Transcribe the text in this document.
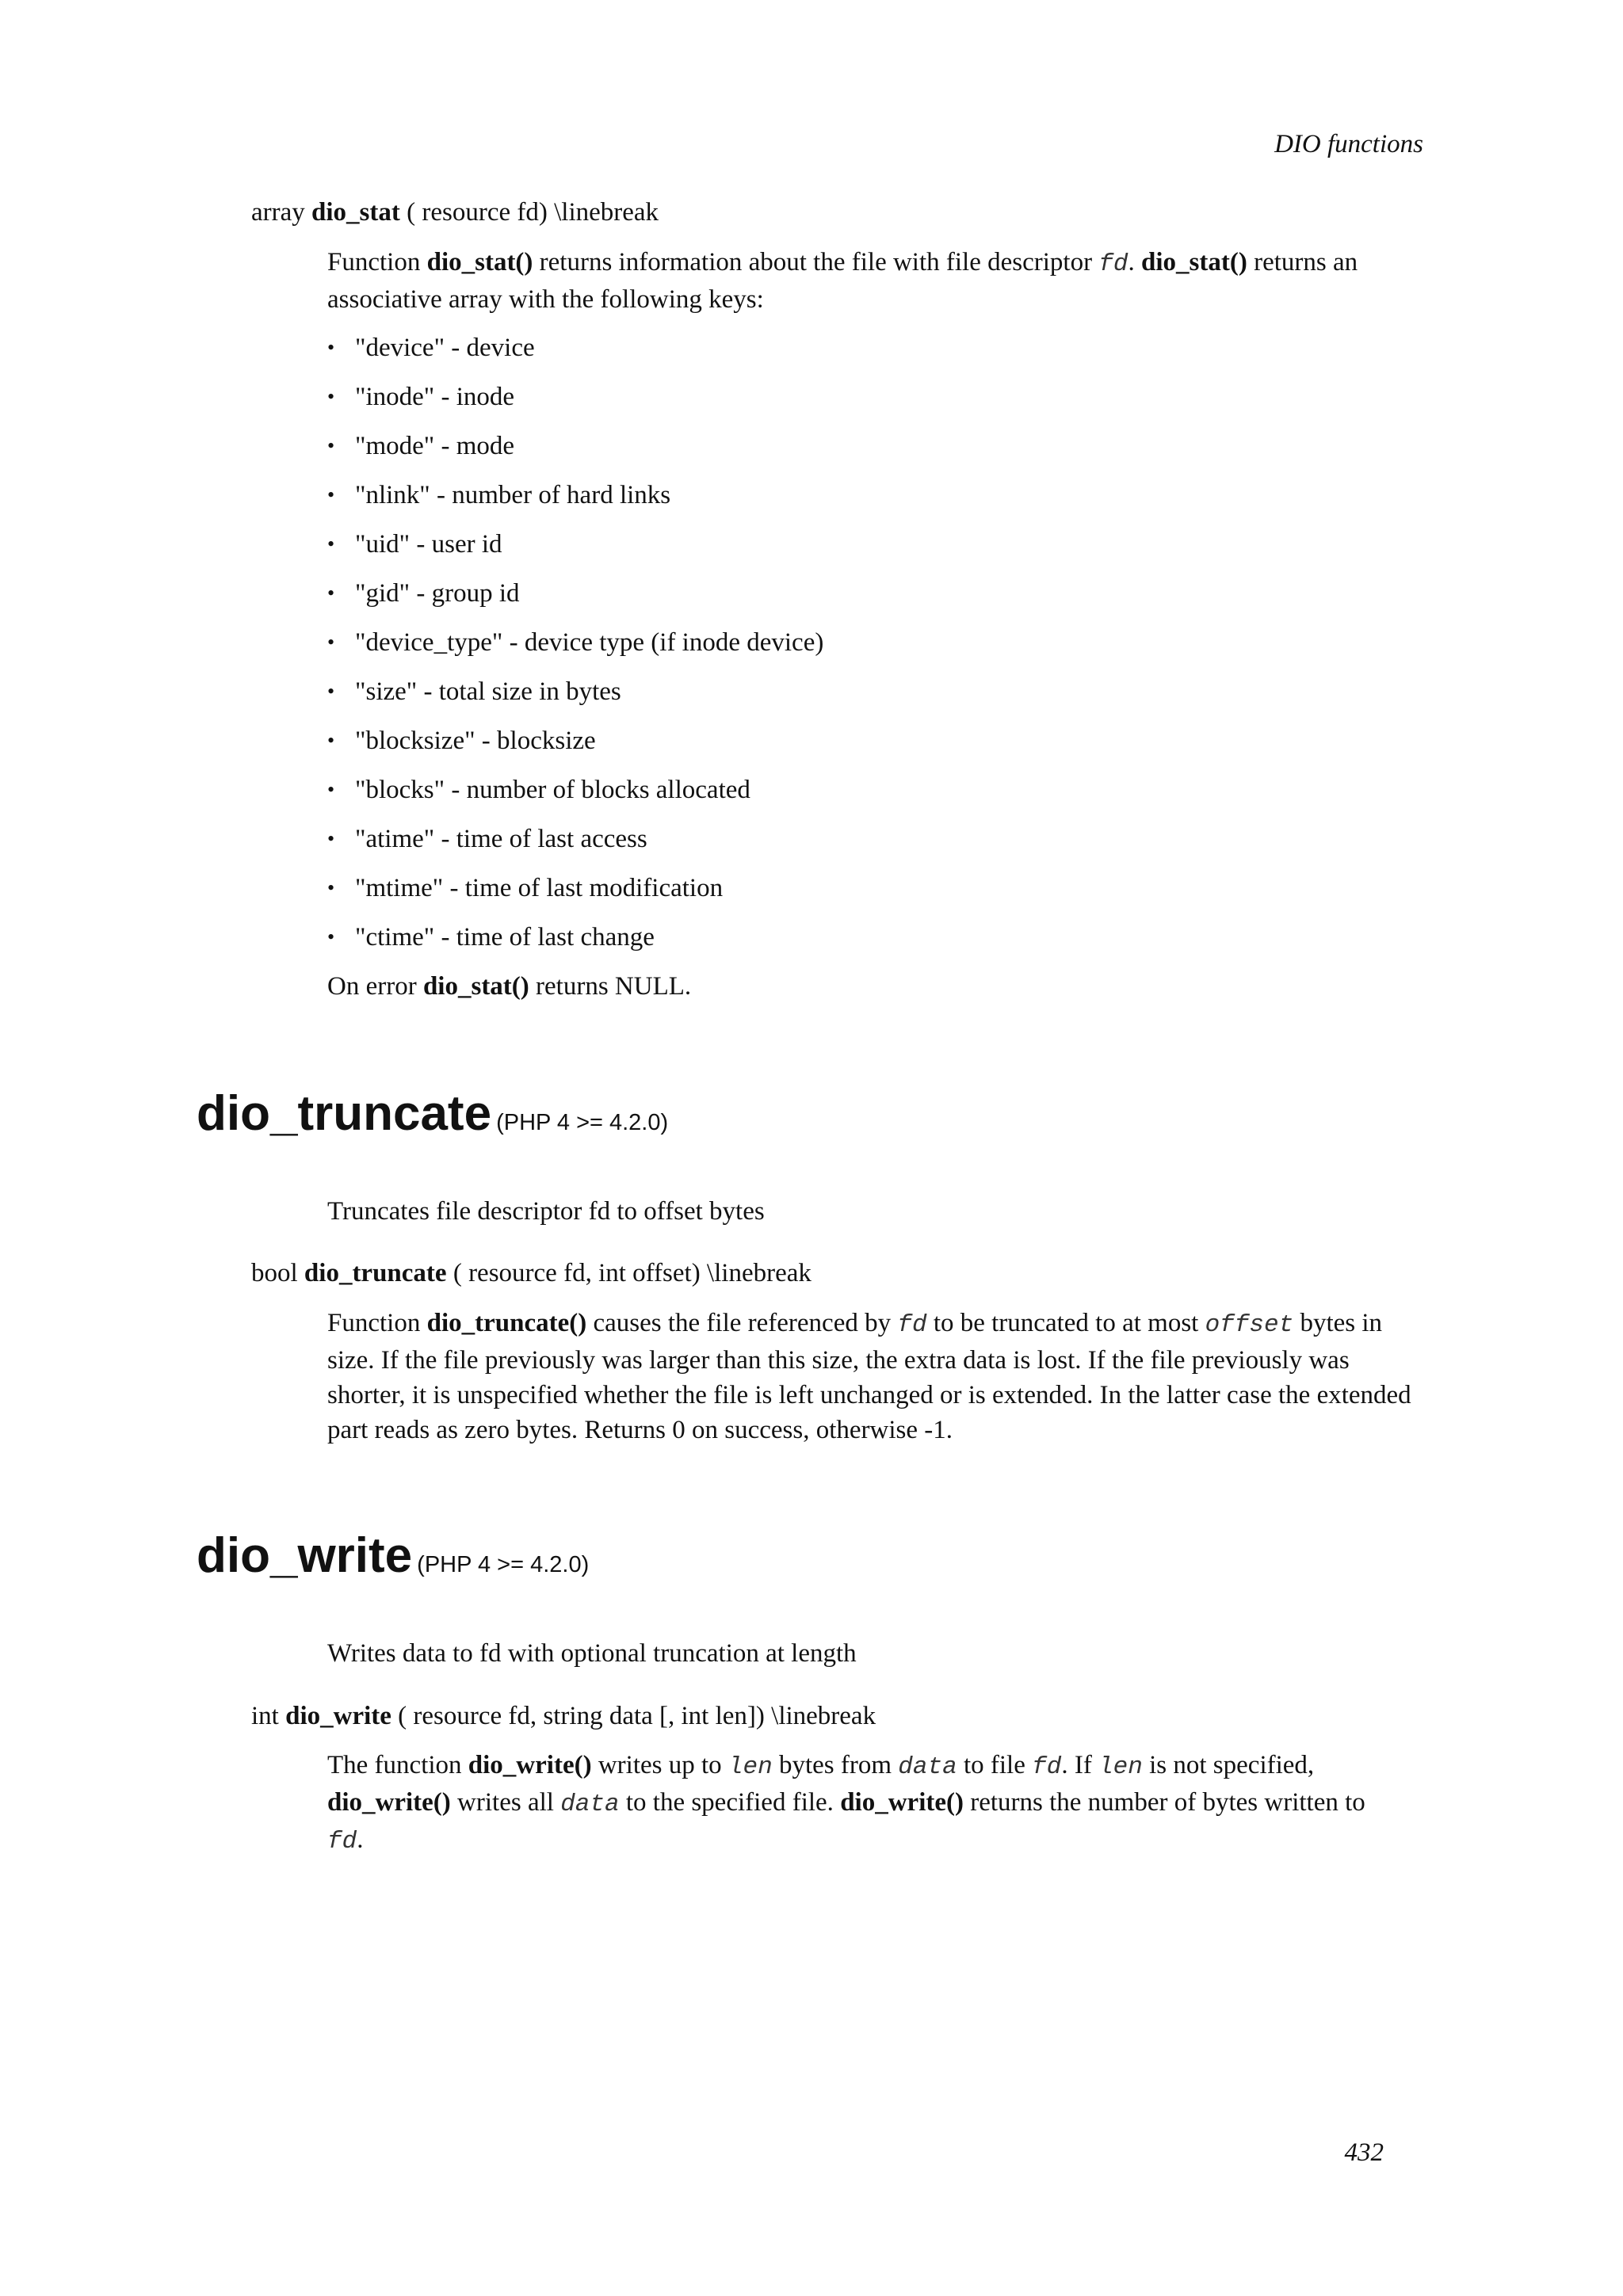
DIO functions
array dio_stat ( resource fd) \linebreak

Function dio_stat() returns information about the file with file descriptor fd. dio_stat() returns an associative array with the following keys:

• "device" - device
• "inode" - inode
• "mode" - mode
• "nlink" - number of hard links
• "uid" - user id
• "gid" - group id
• "device_type" - device type (if inode device)
• "size" - total size in bytes
• "blocksize" - blocksize
• "blocks" - number of blocks allocated
• "atime" - time of last access
• "mtime" - time of last modification
• "ctime" - time of last change

On error dio_stat() returns NULL.

dio_truncate (PHP 4 >= 4.2.0)
Truncates file descriptor fd to offset bytes
bool dio_truncate ( resource fd, int offset) \linebreak

Function dio_truncate() causes the file referenced by fd to be truncated to at most offset bytes in size. If the file previously was larger than this size, the extra data is lost. If the file previously was shorter, it is unspecified whether the file is left unchanged or is extended. In the latter case the extended part reads as zero bytes. Returns 0 on success, otherwise -1.

dio_write (PHP 4 >= 4.2.0)
Writes data to fd with optional truncation at length
int dio_write ( resource fd, string data [, int len]) \linebreak

The function dio_write() writes up to len bytes from data to file fd. If len is not specified,
dio_write() writes all data to the specified file. dio_write() returns the number of bytes written to
fd.

432
